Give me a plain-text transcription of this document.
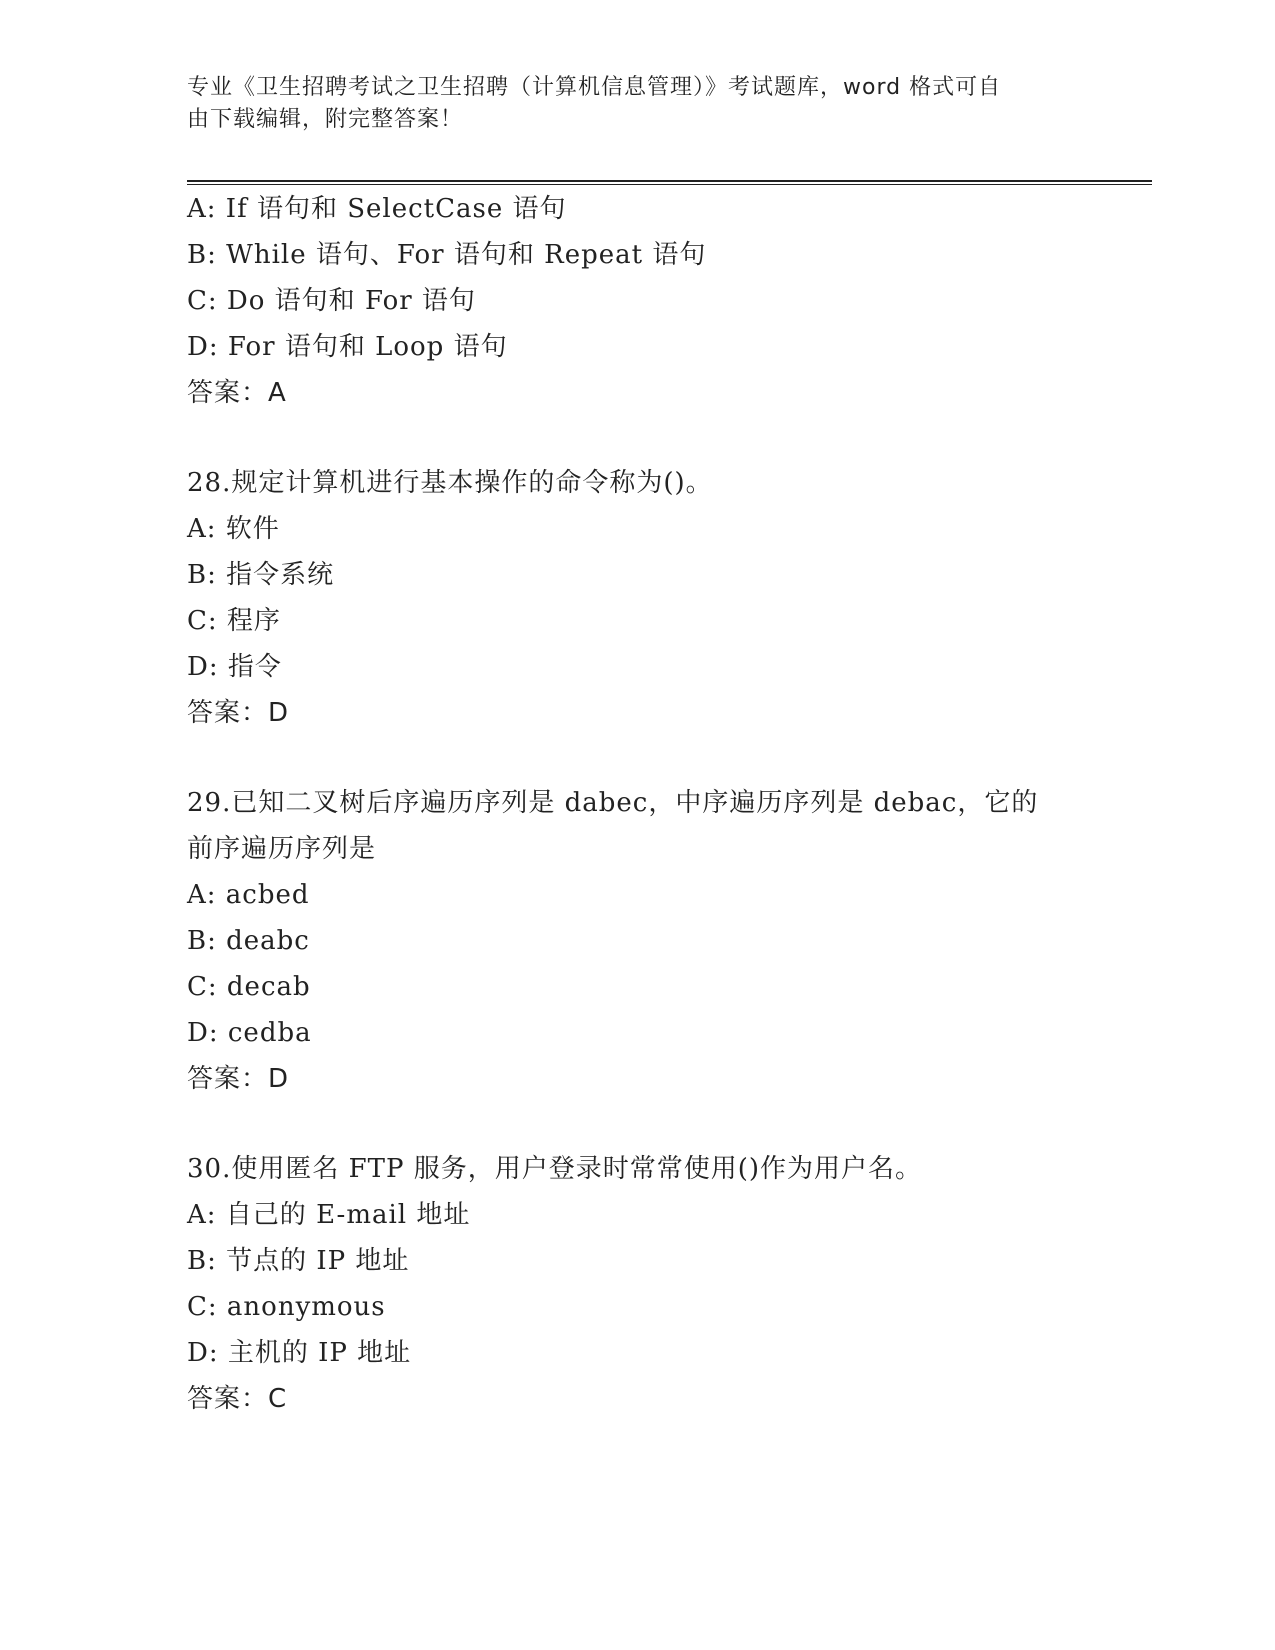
专业《卫生招聘考试之卫生招聘（计算机信息管理）》考试题库，word 格式可自
由下载编辑，附完整答案！
A: If 语句和 SelectCase 语句
B: While 语句、For 语句和 Repeat 语句
C: Do 语句和 For 语句
D: For 语句和 Loop 语句
答案：A
28.规定计算机进行基本操作的命令称为()。
A: 软件
B: 指令系统
C: 程序
D: 指令
答案：D
29.已知二叉树后序遍历序列是 dabec，中序遍历序列是 debac，它的
前序遍历序列是
A: acbed
B: deabc
C: decab
D: cedba
答案：D
30.使用匿名 FTP 服务，用户登录时常常使用()作为用户名。
A: 自己的 E-mail 地址
B: 节点的 IP 地址
C: anonymous
D: 主机的 IP 地址
答案：C
